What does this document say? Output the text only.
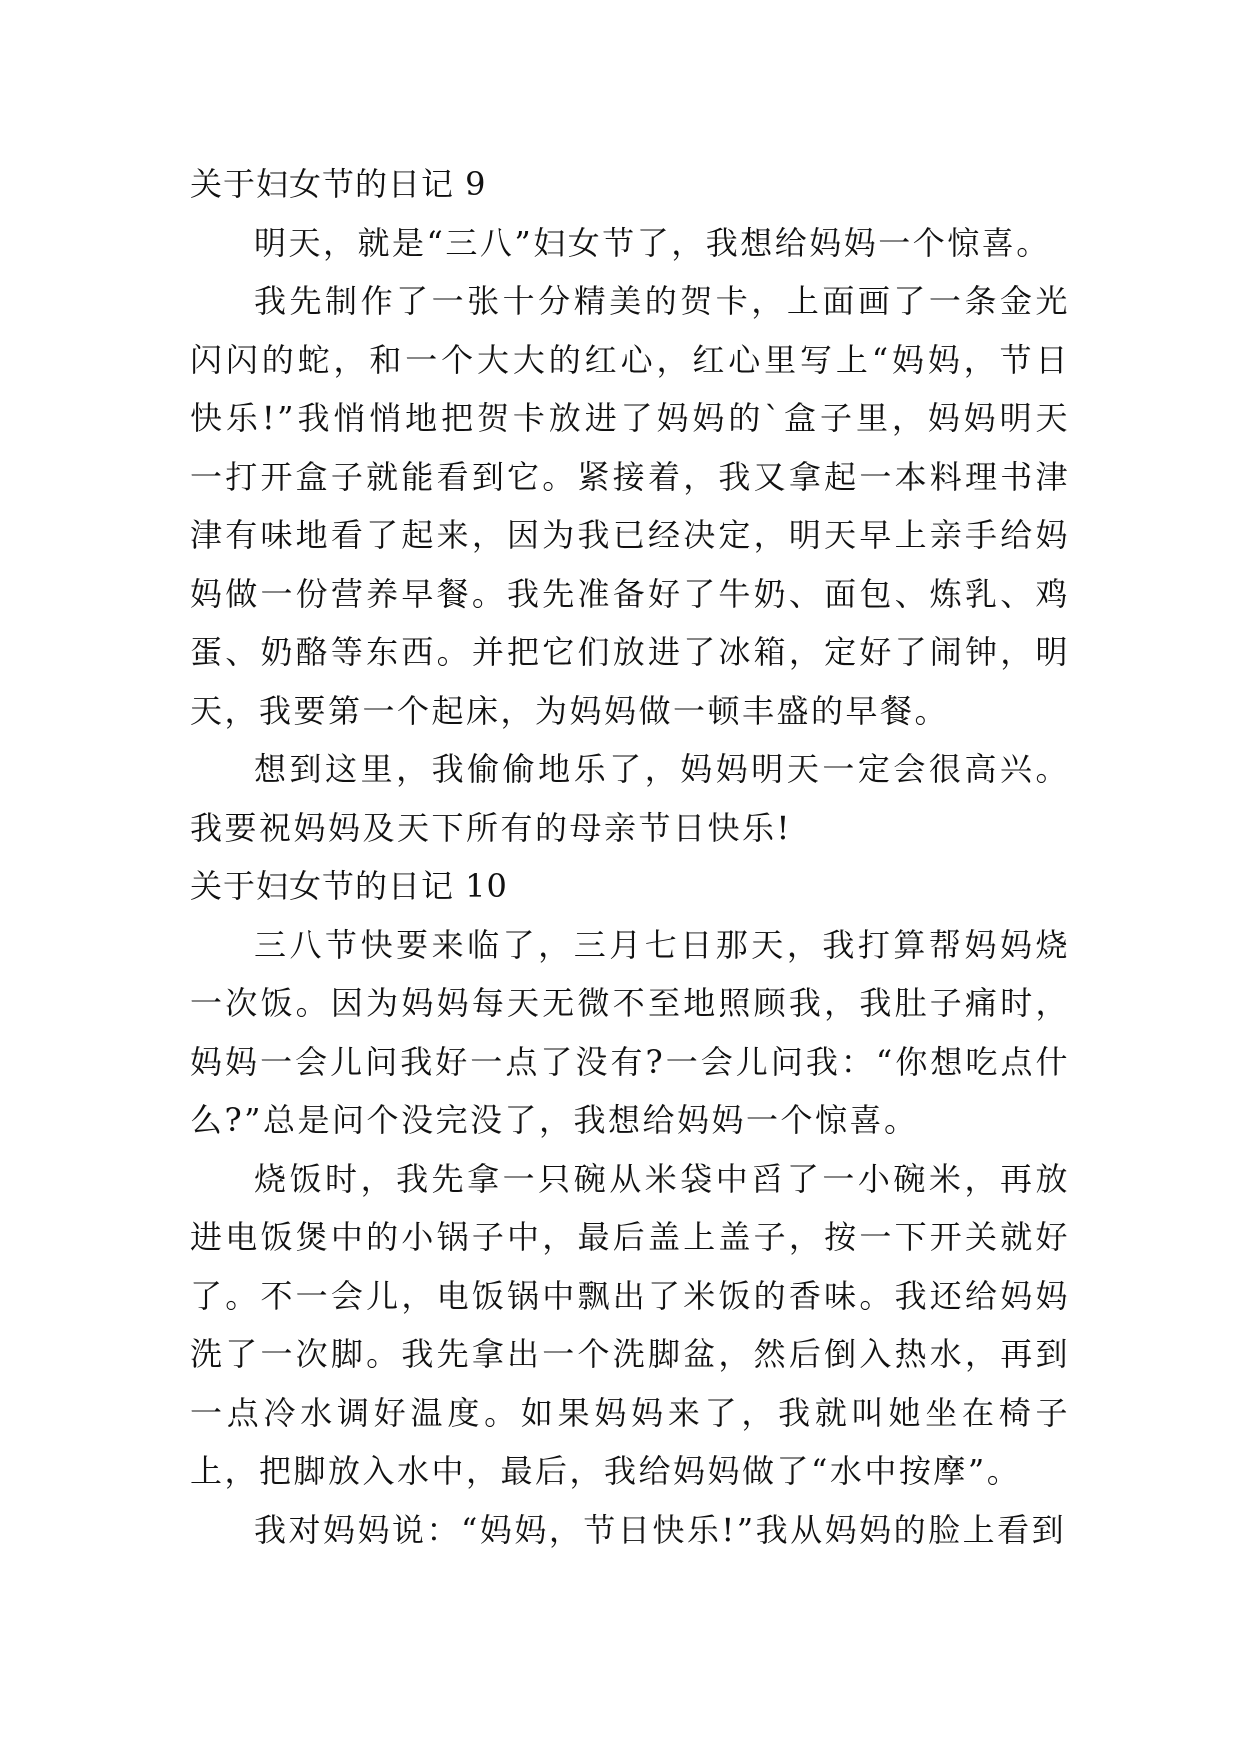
关于妇女节的日记 9

明天，就是“三八”妇女节了，我想给妈妈一个惊喜。

我先制作了一张十分精美的贺卡，上面画了一条金光闪闪的蛇，和一个大大的红心，红心里写上“妈妈，节日快乐!”我悄悄地把贺卡放进了妈妈的`盒子里，妈妈明天一打开盒子就能看到它。紧接着，我又拿起一本料理书津津有味地看了起来，因为我已经决定，明天早上亲手给妈妈做一份营养早餐。我先准备好了牛奶、面包、炼乳、鸡蛋、奶酪等东西。并把它们放进了冰箱，定好了闹钟，明天，我要第一个起床，为妈妈做一顿丰盛的早餐。

想到这里，我偷偷地乐了，妈妈明天一定会很高兴。我要祝妈妈及天下所有的母亲节日快乐!

关于妇女节的日记 10

三八节快要来临了，三月七日那天，我打算帮妈妈烧一次饭。因为妈妈每天无微不至地照顾我，我肚子痛时，妈妈一会儿问我好一点了没有?一会儿问我：“你想吃点什么?”总是问个没完没了，我想给妈妈一个惊喜。

烧饭时，我先拿一只碗从米袋中舀了一小碗米，再放进电饭煲中的小锅子中，最后盖上盖子，按一下开关就好了。不一会儿，电饭锅中飘出了米饭的香味。我还给妈妈洗了一次脚。我先拿出一个洗脚盆，然后倒入热水，再到一点冷水调好温度。如果妈妈来了，我就叫她坐在椅子上，把脚放入水中，最后，我给妈妈做了“水中按摩”。

我对妈妈说：“妈妈，节日快乐!”我从妈妈的脸上看到
